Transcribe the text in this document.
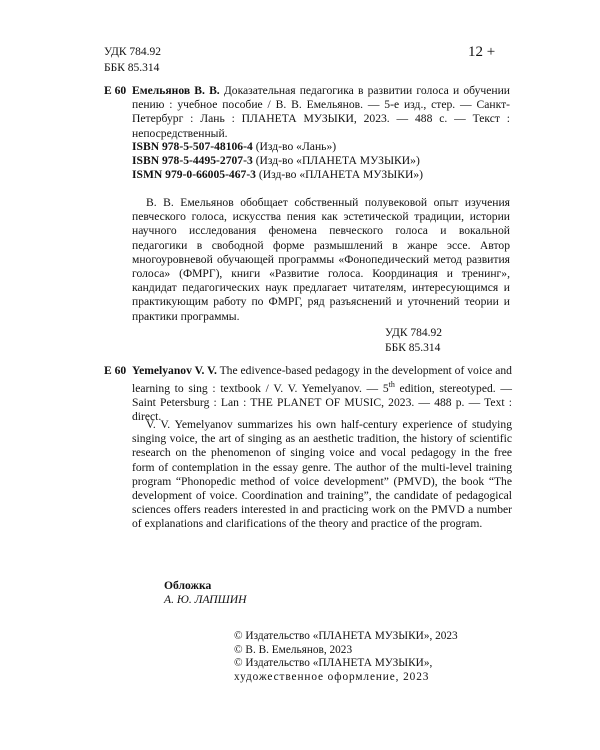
УДК 784.92
ББК 85.314
12 +
Е 60 Емельянов В. В. Доказательная педагогика в развитии голоса и обучении пению : учебное пособие / В. В. Емельянов. — 5-е изд., стер. — Санкт-Петербург : Лань : ПЛАНЕТА МУЗЫКИ, 2023. — 488 с. — Текст : непосредственный.
ISBN 978-5-507-48106-4 (Изд-во «Лань»)
ISBN 978-5-4495-2707-3 (Изд-во «ПЛАНЕТА МУЗЫКИ»)
ISMN 979-0-66005-467-3 (Изд-во «ПЛАНЕТА МУЗЫКИ»)
В. В. Емельянов обобщает собственный полувековой опыт изучения певческого голоса, искусства пения как эстетической традиции, истории научного исследования феномена певческого голоса и вокальной педагогики в свободной форме размышлений в жанре эссе. Автор многоуровневой обучающей программы «Фонопедический метод развития голоса» (ФМРГ), книги «Развитие голоса. Координация и тренинг», кандидат педагогических наук предлагает читателям, интересующимся и практикующим работу по ФМРГ, ряд разъяснений и уточнений теории и практики программы.
УДК 784.92
ББК 85.314
E 60 Yemelyanov V. V. The edivence-based pedagogy in the development of voice and learning to sing : textbook / V. V. Yemelyanov. — 5th edition, stereotyped. — Saint Petersburg : Lan : THE PLANET OF MUSIC, 2023. — 488 p. — Text : direct.
V. V. Yemelyanov summarizes his own half-century experience of studying singing voice, the art of singing as an aesthetic tradition, the history of scientific research on the phenomenon of singing voice and vocal pedagogy in the free form of contemplation in the essay genre. The author of the multi-level training program “Phonopedic method of voice development” (PMVD), the book “The development of voice. Coordination and training”, the candidate of pedagogical sciences offers readers interested in and practicing work on the PMVD a number of explanations and clarifications of the theory and practice of the program.
Обложка
А. Ю. ЛАПШИН
© Издательство «ПЛАНЕТА МУЗЫКИ», 2023
© В. В. Емельянов, 2023
© Издательство «ПЛАНЕТА МУЗЫКИ»,
художественное оформление, 2023
